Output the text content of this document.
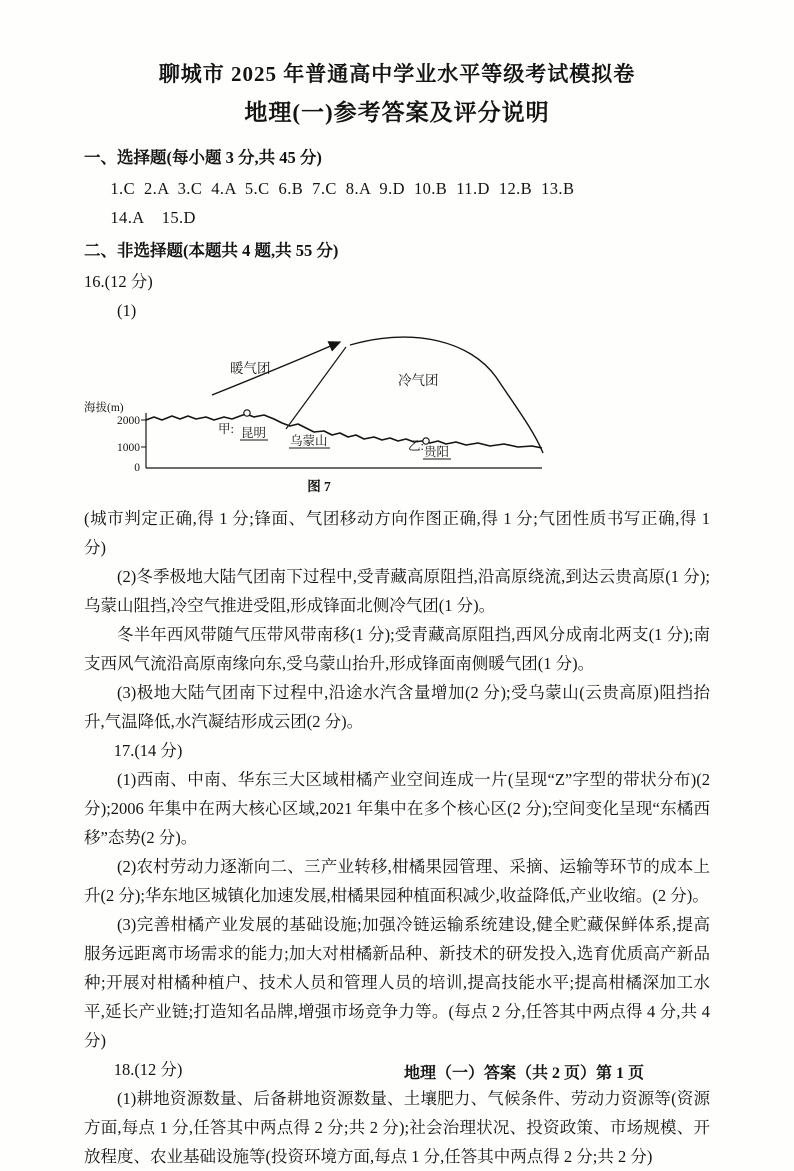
聊城市 2025 年普通高中学业水平等级考试模拟卷
地理(一)参考答案及评分说明
一、选择题(每小题 3 分,共 45 分)

1.C  2.A  3.C  4.A  5.C  6.B  7.C  8.A  9.D  10.B  11.D  12.B  13.B

14.A    15.D

二、非选择题(本题共 4 题,共 55 分)

16.(12 分)

(1)

暖气团
冷气团
海拔(m)
2000
1000
0
甲: 昆明
乌蒙山	乙: 贵阳
图 7

(城市判定正确,得 1 分;锋面、气团移动方向作图正确,得 1 分;气团性质书写正确,得 1 分)

(2)冬季极地大陆气团南下过程中,受青藏高原阻挡,沿高原绕流,到达云贵高原(1 分);乌蒙山阻挡,冷空气推进受阻,形成锋面北侧冷气团(1 分)。

冬半年西风带随气压带风带南移(1 分);受青藏高原阻挡,西风分成南北两支(1 分);南支西风气流沿高原南缘向东,受乌蒙山抬升,形成锋面南侧暖气团(1 分)。

(3)极地大陆气团南下过程中,沿途水汽含量增加(2 分);受乌蒙山(云贵高原)阻挡抬升,气温降低,水汽凝结形成云团(2 分)。

17.(14 分)

(1)西南、中南、华东三大区域柑橘产业空间连成一片(呈现“Z”字型的带状分布)(2 分);2006 年集中在两大核心区域,2021 年集中在多个核心区(2 分);空间变化呈现“东橘西移”态势(2 分)。

(2)农村劳动力逐渐向二、三产业转移,柑橘果园管理、采摘、运输等环节的成本上升(2 分);华东地区城镇化加速发展,柑橘果园种植面积减少,收益降低,产业收缩。(2 分)。

(3)完善柑橘产业发展的基础设施;加强冷链运输系统建设,健全贮藏保鲜体系,提高服务远距离市场需求的能力;加大对柑橘新品种、新技术的研发投入,选育优质高产新品种;开展对柑橘种植户、技术人员和管理人员的培训,提高技能水平;提高柑橘深加工水平,延长产业链;打造知名品牌,增强市场竞争力等。(每点 2 分,任答其中两点得 4 分,共 4 分)

18.(12 分)

(1)耕地资源数量、后备耕地资源数量、土壤肥力、气候条件、劳动力资源等(资源方面,每点 1 分,任答其中两点得 2 分;共 2 分);社会治理状况、投资政策、市场规模、开放程度、农业基础设施等(投资环境方面,每点 1 分,任答其中两点得 2 分;共 2 分)

地理（一）答案（共 2 页）第 1 页
